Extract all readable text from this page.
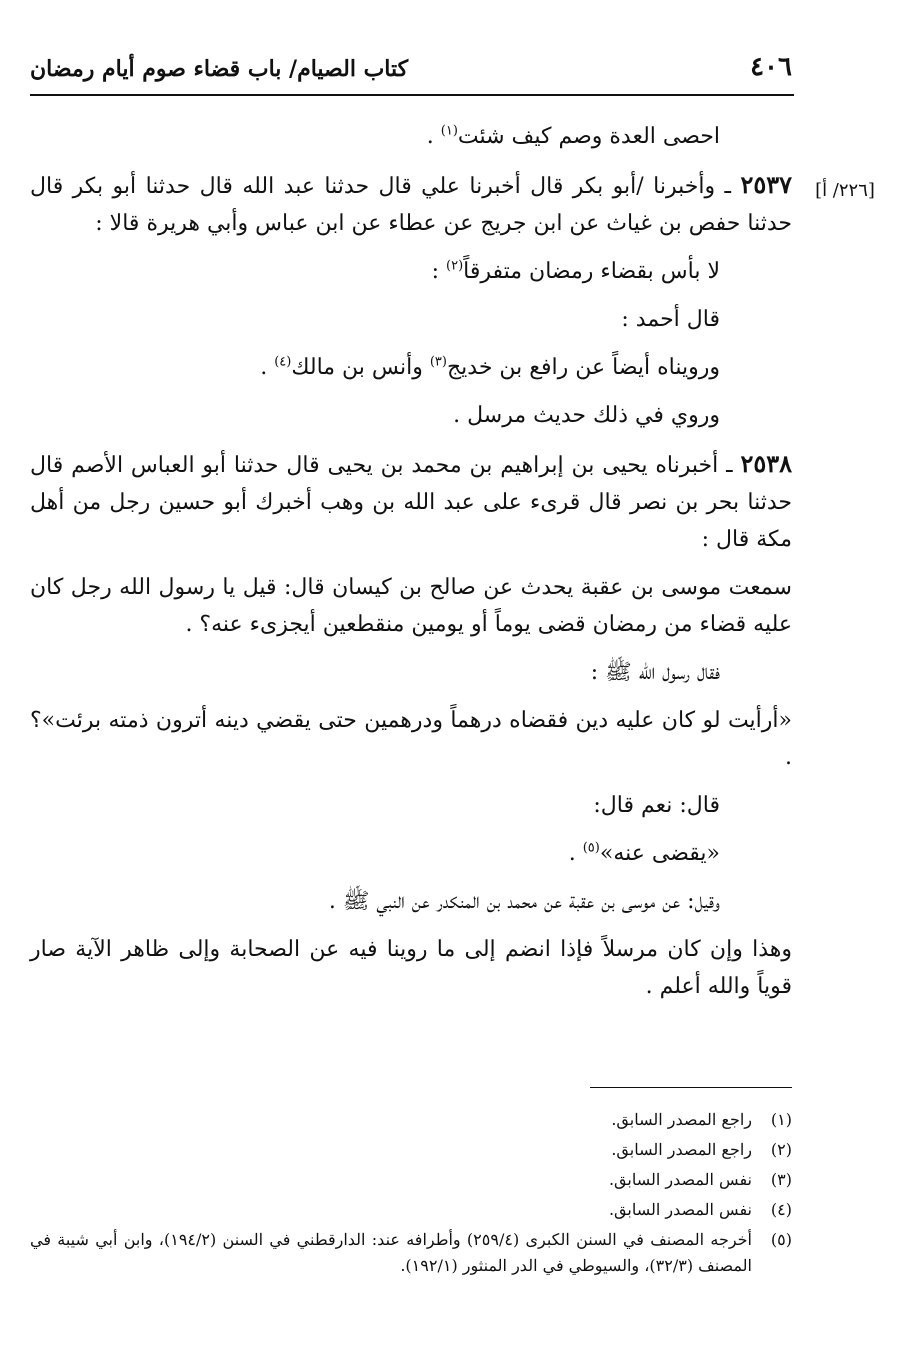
٤٠٦
كتاب الصيام/ باب قضاء صوم أيام رمضان
[٢٢٦/ أ]

احصى العدة وصم كيف شئت$^{(١)}$ .

٢٥٣٧ ـ وأخبرنا /أبو بكر قال أخبرنا علي قال حدثنا عبد الله قال حدثنا أبو بكر قال حدثنا حفص بن غياث عن ابن جريج عن عطاء عن ابن عباس وأبي هريرة قالا :

لا بأس بقضاء رمضان متفرقاً$^{(٢)}$ :

قال أحمد :

ورويناه أيضاً عن رافع بن خديج$^{(٣)}$ وأنس بن مالك$^{(٤)}$ .

وروي في ذلك حديث مرسل .

٢٥٣٨ ـ أخبرناه يحيى بن إبراهيم بن محمد بن يحيى قال حدثنا أبو العباس الأصم قال حدثنا بحر بن نصر قال قرىء على عبد الله بن وهب أخبرك أبو حسين رجل من أهل مكة قال :

سمعت موسى بن عقبة يحدث عن صالح بن كيسان قال: قيل يا رسول الله رجل كان عليه قضاء من رمضان قضى يوماً أو يومين منقطعين أيجزىء عنه؟ .

فقال رسول الله ﷺ :

«أرأيت لو كان عليه دين فقضاه درهماً ودرهمين حتى يقضي دينه أترون ذمته برئت»؟ .

قال: نعم قال:

«يقضى عنه»$^{(٥)}$ .

وقيل: عن موسى بن عقبة عن محمد بن المنكدر عن النبي ﷺ .

وهذا وإن كان مرسلاً فإذا انضم إلى ما روينا فيه عن الصحابة وإلى ظاهر الآية صار قوياً والله أعلم .

(١)
راجع المصدر السابق.
(٢)
راجع المصدر السابق.
(٣)
نفس المصدر السابق.
(٤)
نفس المصدر السابق.
(٥)
أخرجه المصنف في السنن الكبرى (٢٥٩/٤) وأطرافه عند: الدارقطني في السنن (١٩٤/٢)، وابن أبي شيبة في المصنف (٣٢/٣)، والسيوطي في الدر المنثور (١٩٢/١).
